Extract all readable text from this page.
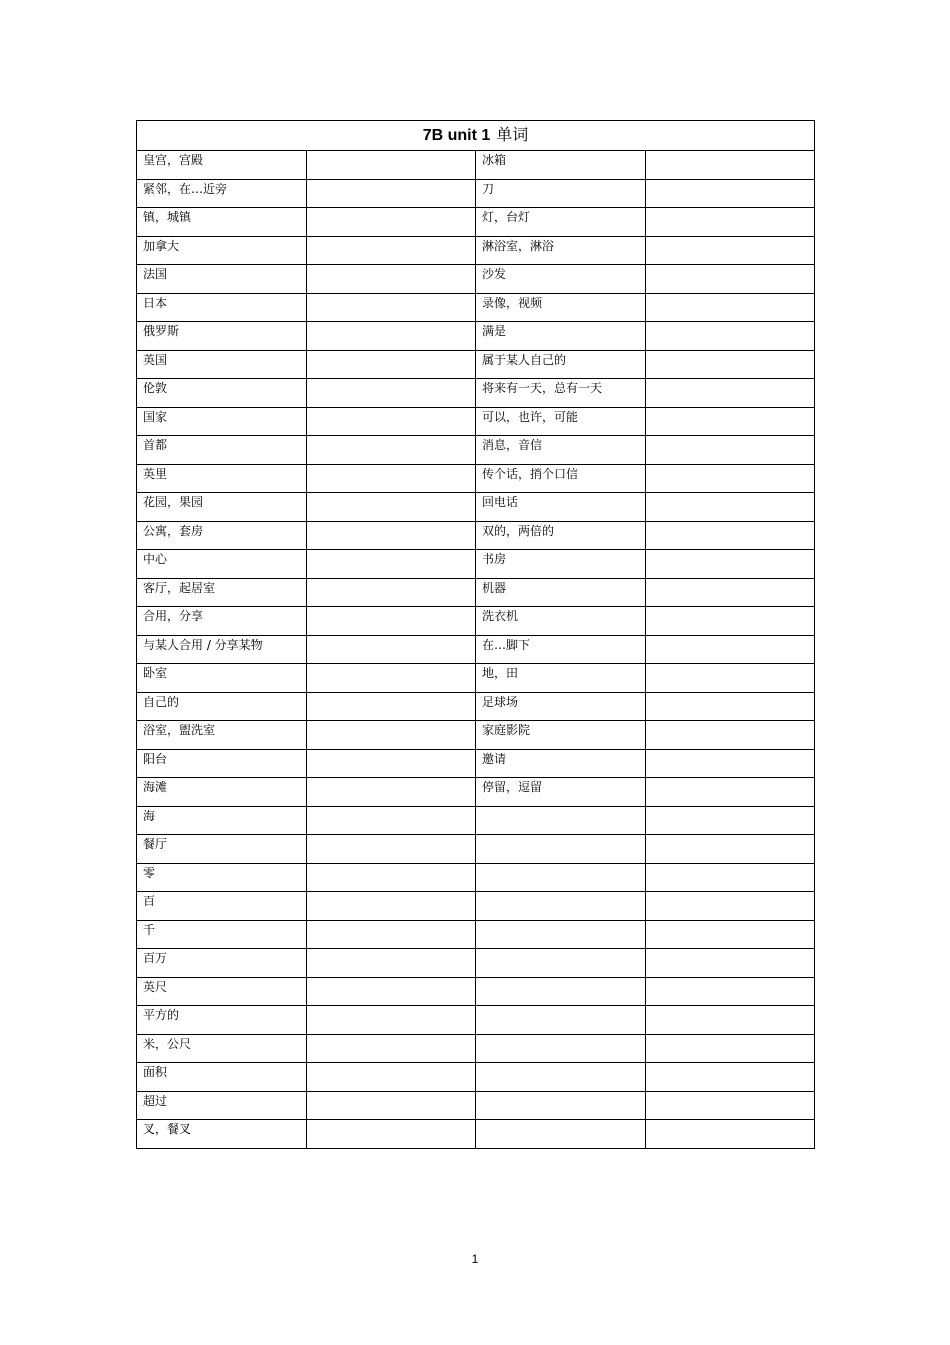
7B unit 1 单词			
皇宫，宫殿		冰箱	
紧邻，在…近旁		刀	
镇，城镇		灯，台灯	
加拿大		淋浴室，淋浴	
法国		沙发	
日本		录像，视频	
俄罗斯		满是	
英国		属于某人自己的	
伦敦		将来有一天，总有一天	
国家		可以，也许，可能	
首都		消息，音信	
英里		传个话，捎个口信	
花园，果园		回电话	
公寓，套房		双的，两倍的	
中心		书房	
客厅，起居室		机器	
合用，分享		洗衣机	
与某人合用 / 分享某物		在…脚下	
卧室		地，田	
自己的		足球场	
浴室，盥洗室		家庭影院	
阳台		邀请	
海滩		停留，逗留	
海			
餐厅			
零			
百			
千			
百万			
英尺			
平方的			
米，公尺			
面积			
超过			
叉，餐叉			
1
